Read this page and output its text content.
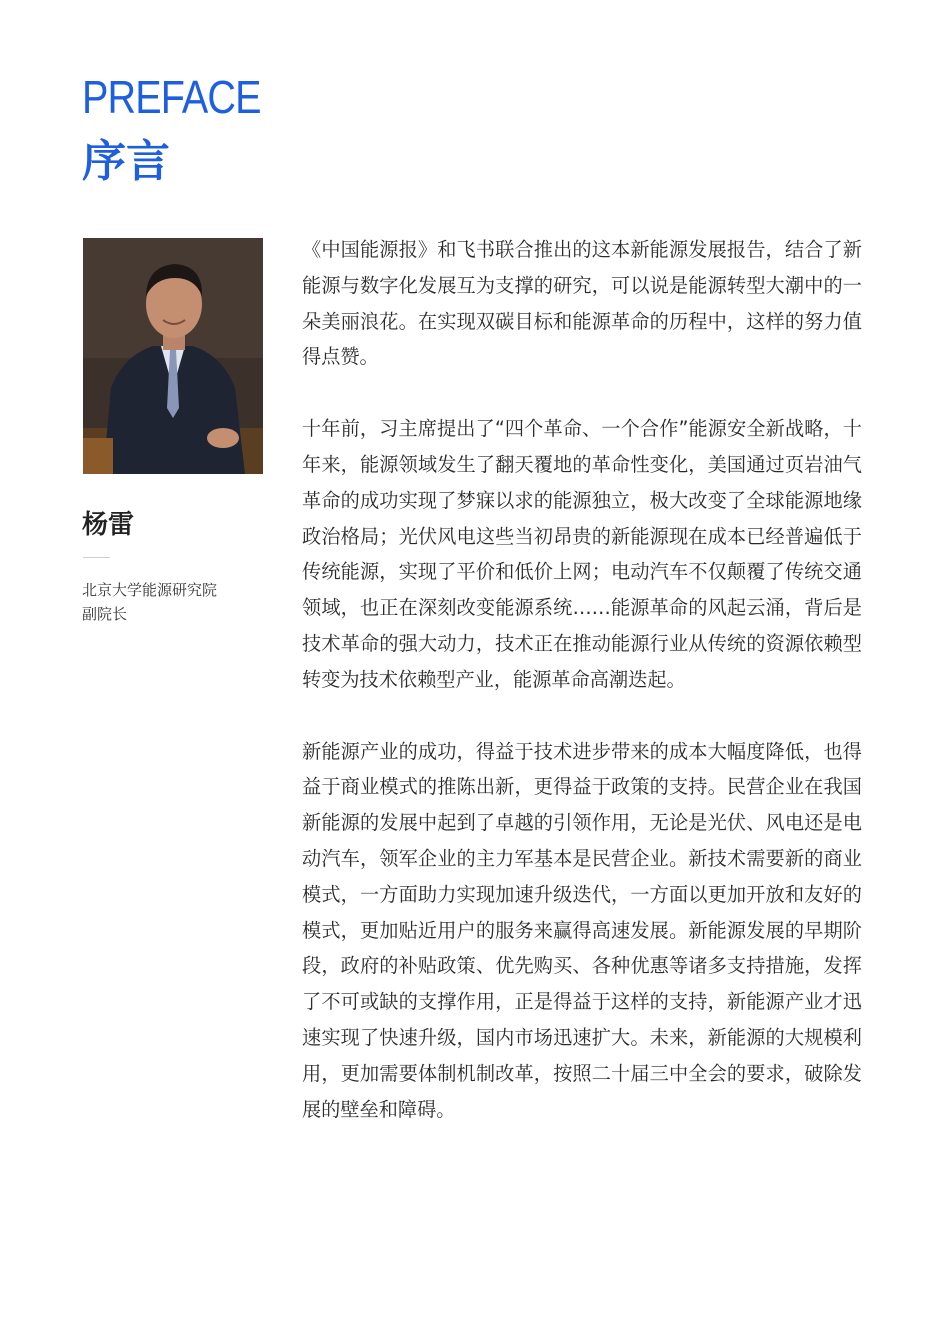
PREFACE
序言
杨雷
北京大学能源研究院
副院长

《中国能源报》和飞书联合推出的这本新能源发展报告，结合了新能源与数字化发展互为支撑的研究，可以说是能源转型大潮中的一朵美丽浪花。在实现双碳目标和能源革命的历程中，这样的努力值得点赞。

十年前，习主席提出了“四个革命、一个合作”能源安全新战略，十年来，能源领域发生了翻天覆地的革命性变化，美国通过页岩油气革命的成功实现了梦寐以求的能源独立，极大改变了全球能源地缘政治格局；光伏风电这些当初昂贵的新能源现在成本已经普遍低于传统能源，实现了平价和低价上网；电动汽车不仅颠覆了传统交通领域，也正在深刻改变能源系统……能源革命的风起云涌，背后是技术革命的强大动力，技术正在推动能源行业从传统的资源依赖型转变为技术依赖型产业，能源革命高潮迭起。

新能源产业的成功，得益于技术进步带来的成本大幅度降低，也得益于商业模式的推陈出新，更得益于政策的支持。民营企业在我国新能源的发展中起到了卓越的引领作用，无论是光伏、风电还是电动汽车，领军企业的主力军基本是民营企业。新技术需要新的商业模式，一方面助力实现加速升级迭代，一方面以更加开放和友好的模式，更加贴近用户的服务来赢得高速发展。新能源发展的早期阶段，政府的补贴政策、优先购买、各种优惠等诸多支持措施，发挥了不可或缺的支撑作用，正是得益于这样的支持，新能源产业才迅速实现了快速升级，国内市场迅速扩大。未来，新能源的大规模利用，更加需要体制机制改革，按照二十届三中全会的要求，破除发展的壁垒和障碍。
